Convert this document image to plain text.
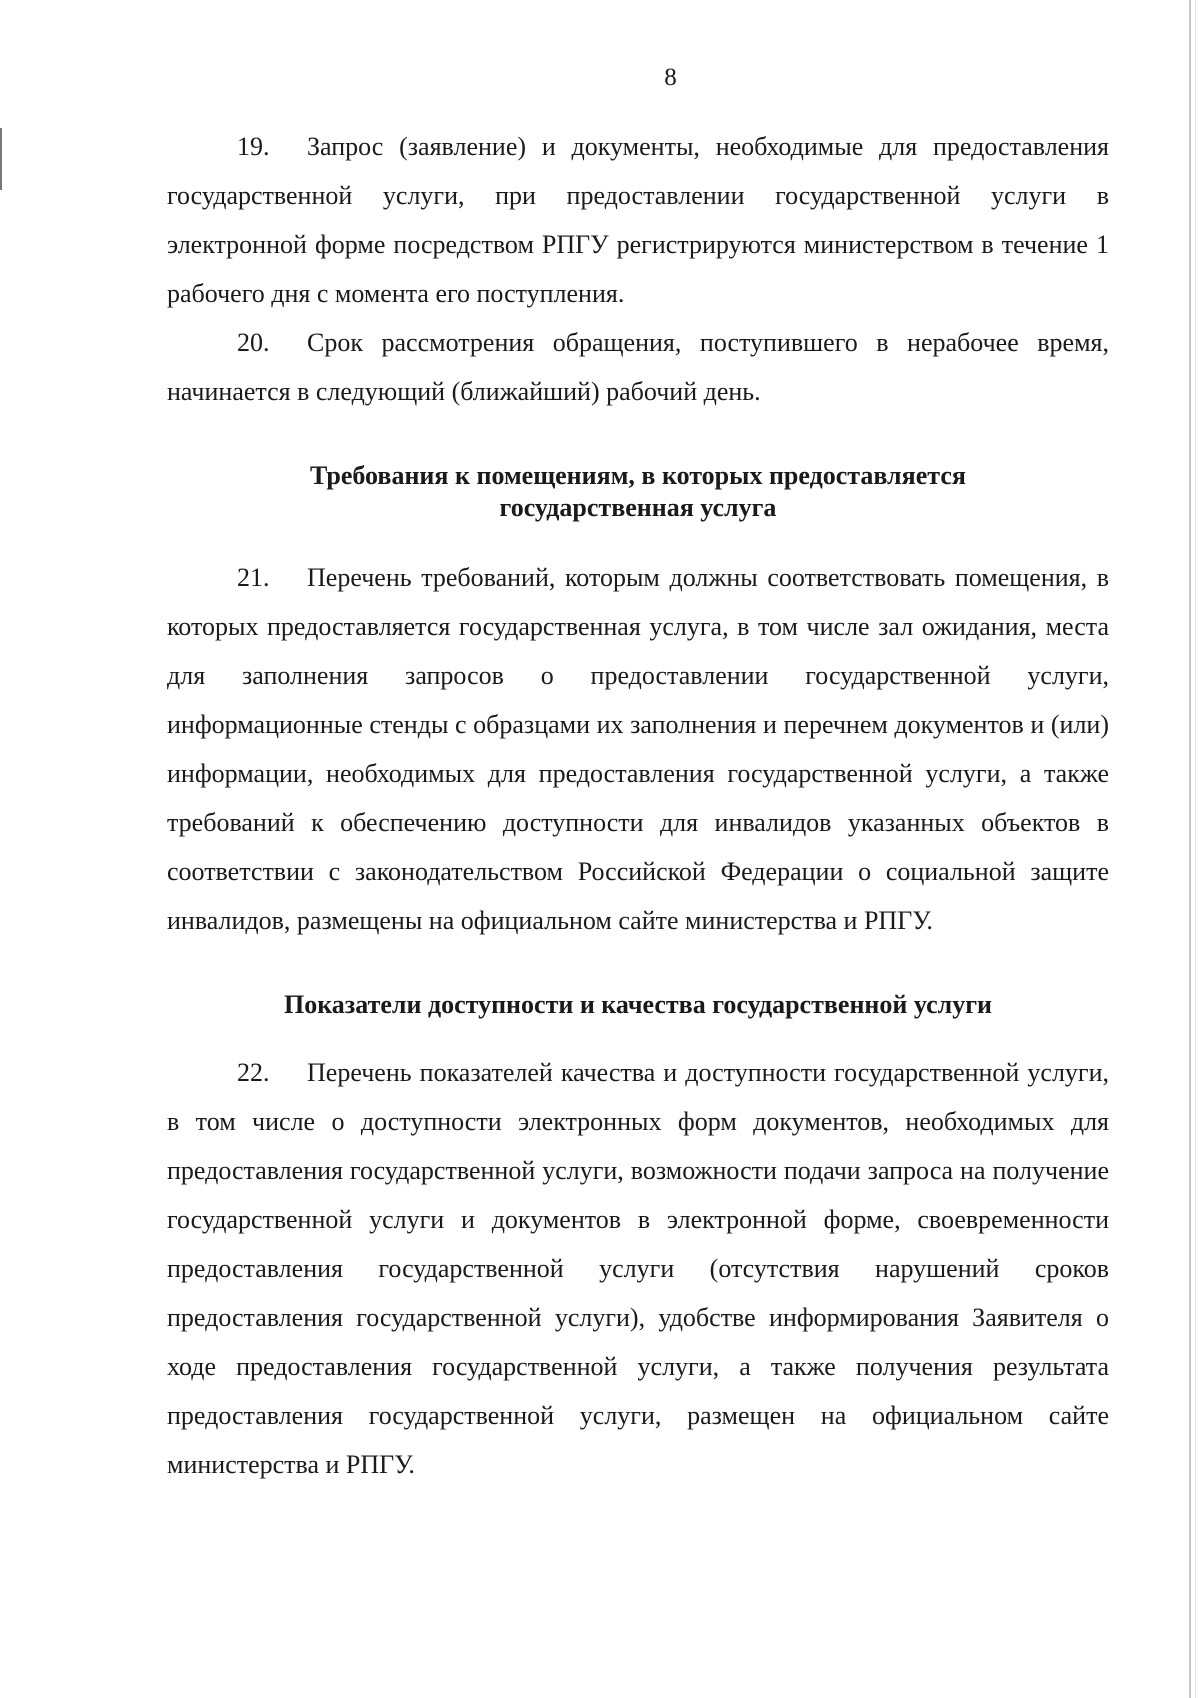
8

19. Запрос (заявление) и документы, необходимые для предоставления государственной услуги, при предоставлении государственной услуги в электронной форме посредством РПГУ регистрируются министерством в течение 1 рабочего дня с момента его поступления.

20. Срок рассмотрения обращения, поступившего в нерабочее время, начинается в следующий (ближайший) рабочий день.

Требования к помещениям, в которых предоставляется
государственная услуга

21. Перечень требований, которым должны соответствовать помещения, в которых предоставляется государственная услуга, в том числе зал ожидания, места для заполнения запросов о предоставлении государственной услуги, информационные стенды с образцами их заполнения и перечнем документов и (или) информации, необходимых для предоставления государственной услуги, а также требований к обеспечению доступности для инвалидов указанных объектов в соответствии с законодательством Российской Федерации о социальной защите инвалидов, размещены на официальном сайте министерства и РПГУ.

Показатели доступности и качества государственной услуги

22. Перечень показателей качества и доступности государственной услуги, в том числе о доступности электронных форм документов, необходимых для предоставления государственной услуги, возможности подачи запроса на получение государственной услуги и документов в электронной форме, своевременности предоставления государственной услуги (отсутствия нарушений сроков предоставления государственной услуги), удобстве информирования Заявителя о ходе предоставления государственной услуги, а также получения результата предоставления государственной услуги, размещен на официальном сайте министерства и РПГУ.
